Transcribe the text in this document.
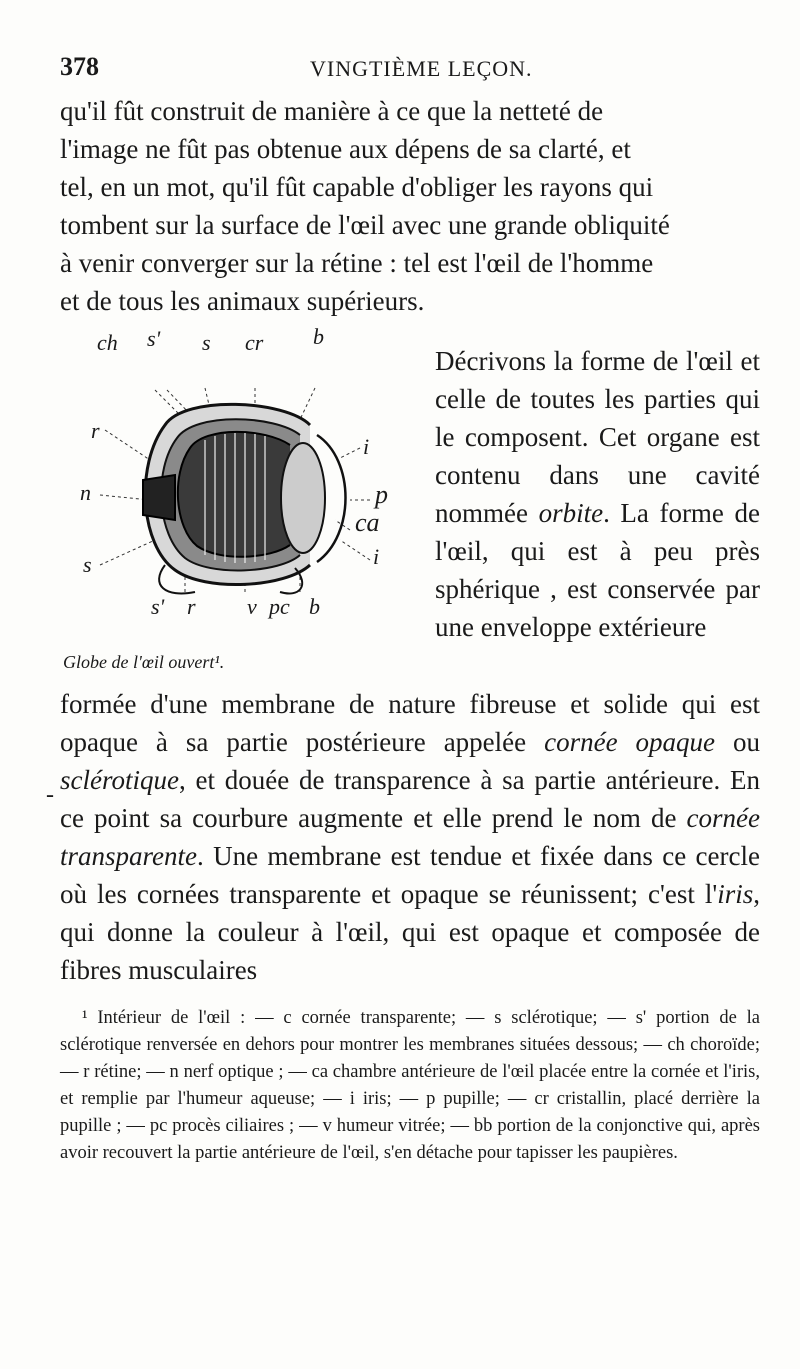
378	VINGTIÈME LEÇON.

qu'il fût construit de manière à ce que la netteté de

l'image ne fût pas obtenue aux dépens de sa clarté, et

tel, en un mot, qu'il fût capable d'obliger les rayons qui

tombent sur la surface de l'œil avec une grande obliquité

à venir converger sur la rétine : tel est l'œil de l'homme

et de tous les animaux supérieurs.

ch s' s cr b
r
n
s
i
p
ca
i
s' r v pc b
Globe de l'œil ouvert¹.
Décrivons la forme de l'œil et celle de toutes les parties qui le composent. Cet organe est contenu dans une cavité nommée orbite. La forme de l'œil, qui est à peu près sphérique , est conservée par une enveloppe extérieure
formée d'une membrane de nature fibreuse et solide qui est opaque à sa partie postérieure appelée cornée opaque ou sclérotique, et douée de transparence à sa partie antérieure. En ce point sa courbure augmente et elle prend le nom de cornée transparente. Une membrane est tendue et fixée dans ce cercle où les cornées transparente et opaque se réunissent; c'est l'iris, qui donne la couleur à l'œil, qui est opaque et composée de fibres musculaires
-

¹ Intérieur de l'œil : — c cornée transparente; — s sclérotique; — s' portion de la sclérotique renversée en dehors pour montrer les membranes situées dessous; — ch choroïde; — r rétine; — n nerf optique ; — ca chambre antérieure de l'œil placée entre la cornée et l'iris, et remplie par l'humeur aqueuse; — i iris; — p pupille; — cr cristallin, placé derrière la pupille ; — pc procès ciliaires ; — v humeur vitrée; — bb portion de la conjonctive qui, après avoir recouvert la partie antérieure de l'œil, s'en détache pour tapisser les paupières.
